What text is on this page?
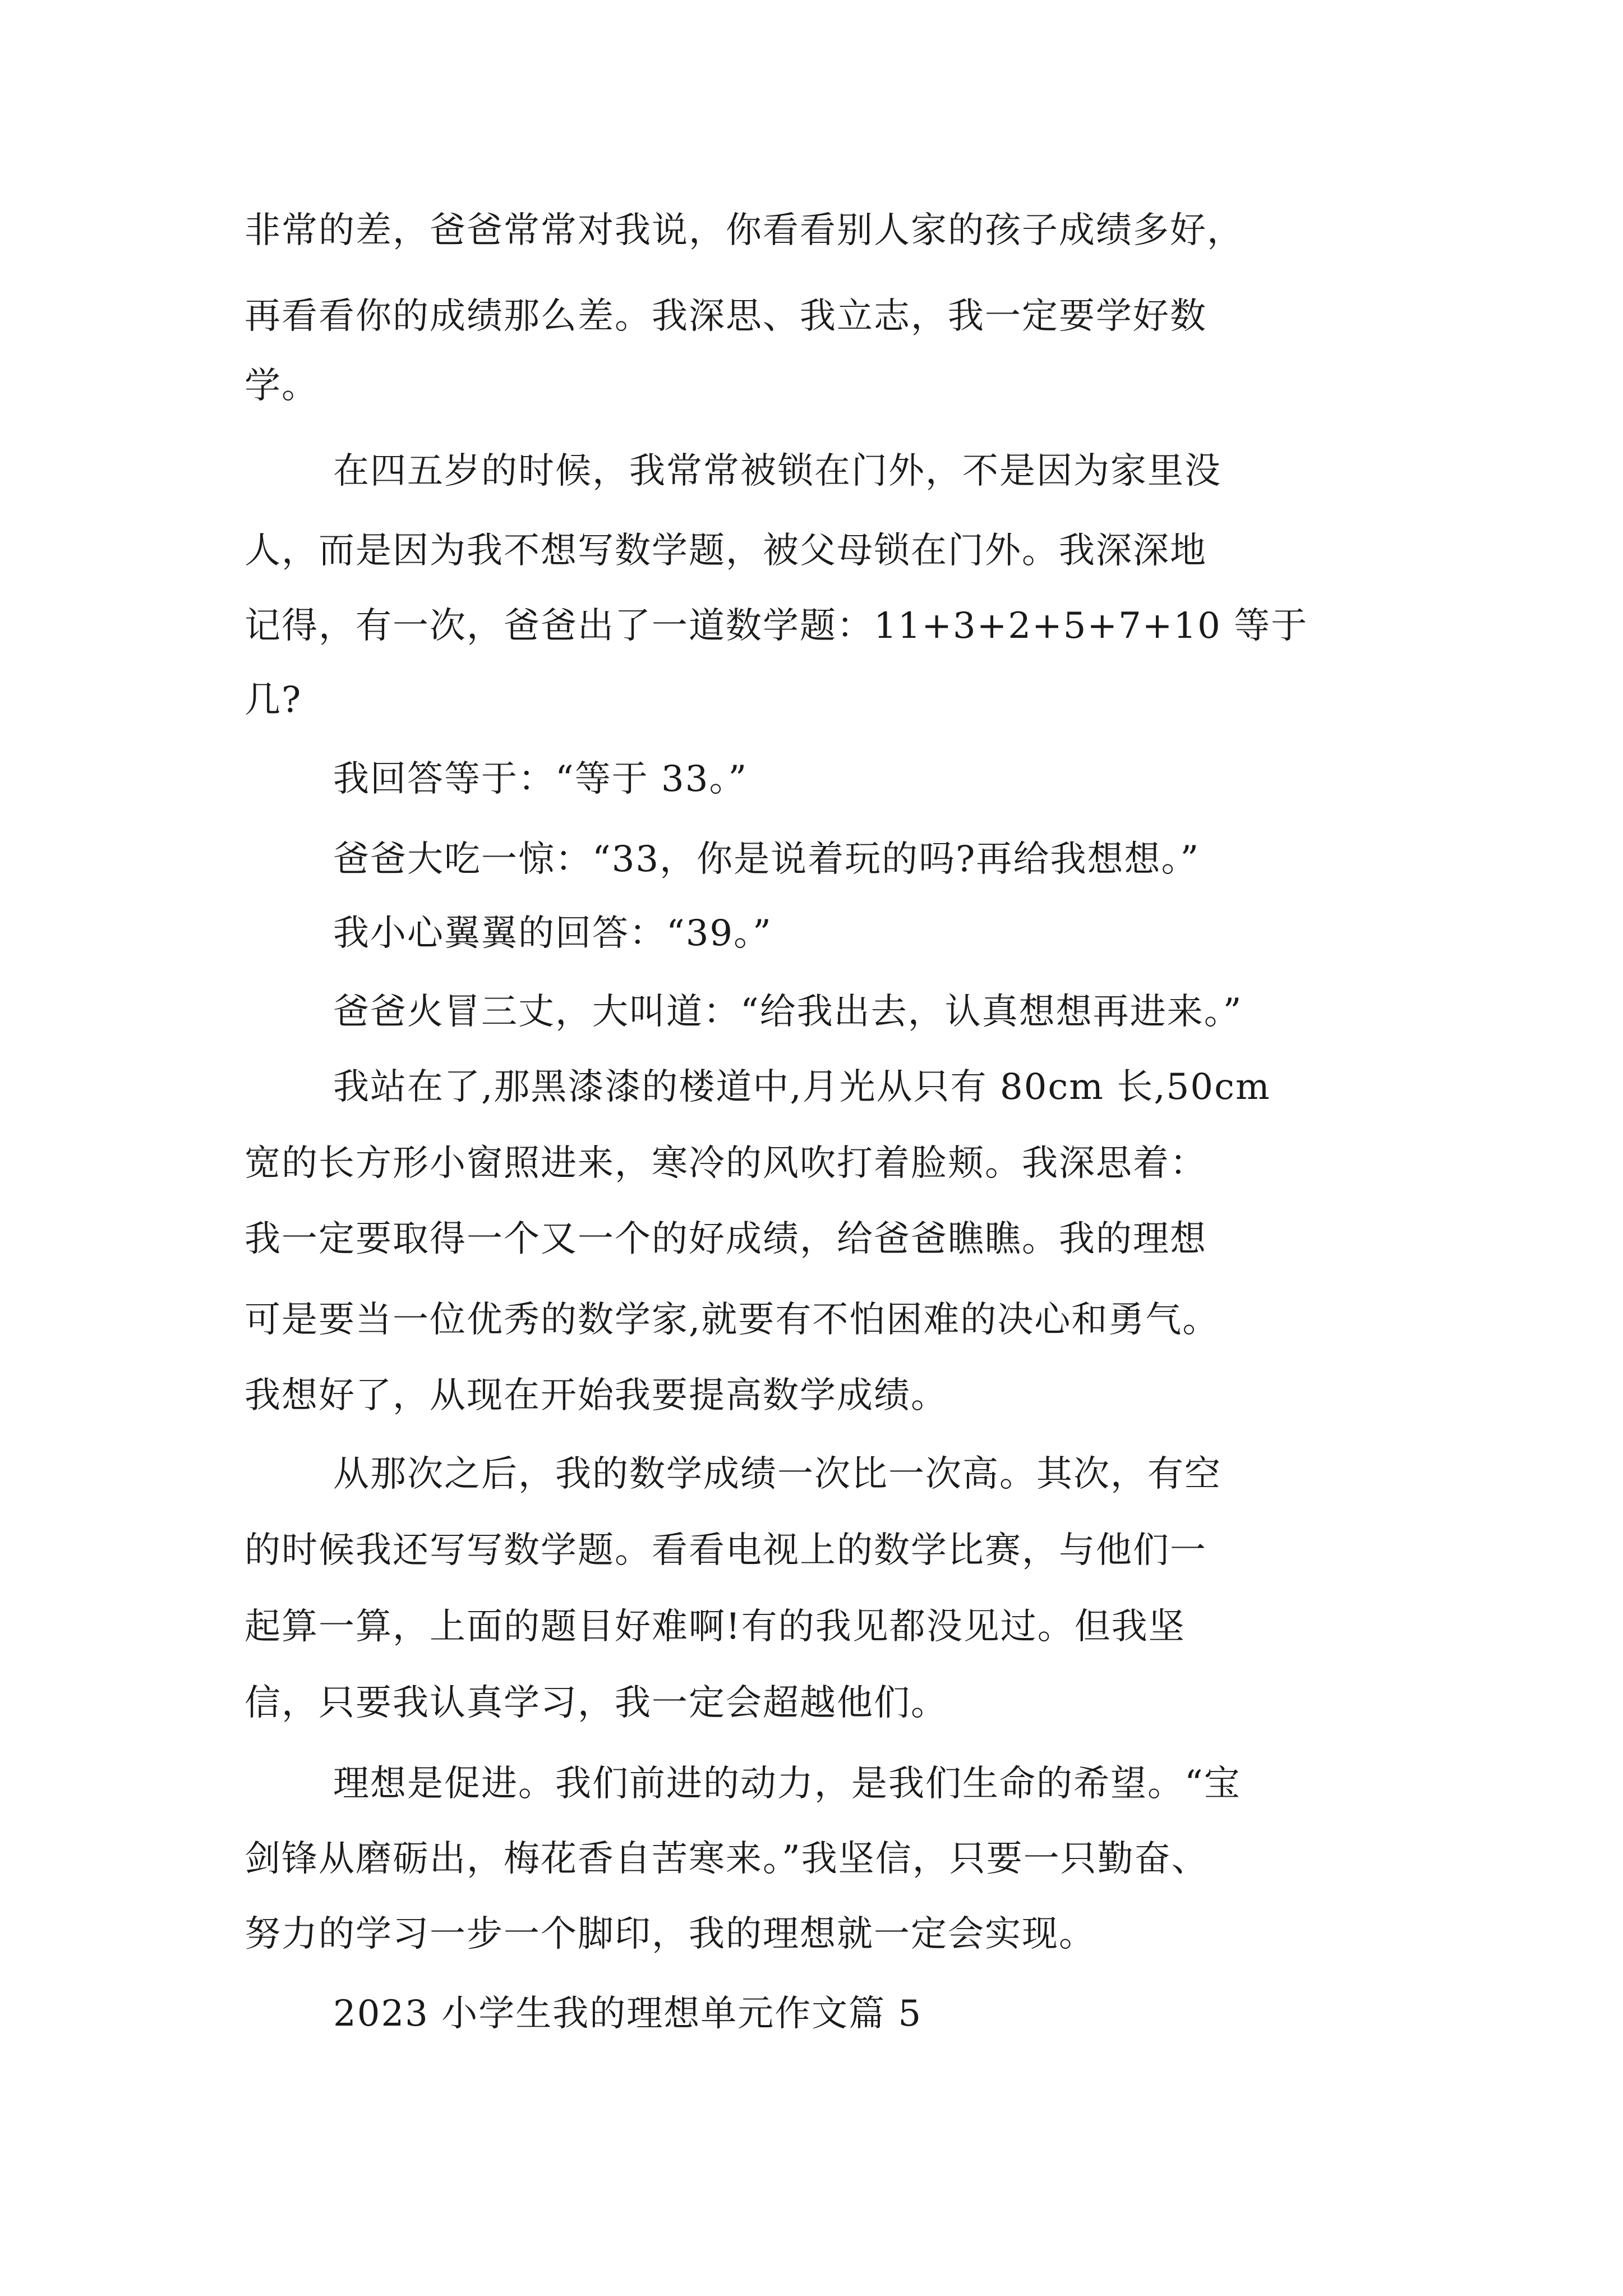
非常的差，爸爸常常对我说，你看看别人家的孩子成绩多好，
再看看你的成绩那么差。我深思、我立志，我一定要学好数
学。
在四五岁的时候，我常常被锁在门外，不是因为家里没
人，而是因为我不想写数学题，被父母锁在门外。我深深地
记得，有一次，爸爸出了一道数学题：11+3+2+5+7+10 等于
几?
我回答等于：“等于 33。”
爸爸大吃一惊：“33，你是说着玩的吗?再给我想想。”
我小心翼翼的回答：“39。”
爸爸火冒三丈，大叫道：“给我出去，认真想想再进来。”
我站在了,那黑漆漆的楼道中,月光从只有 80cm 长,50cm
宽的长方形小窗照进来，寒冷的风吹打着脸颊。我深思着：
我一定要取得一个又一个的好成绩，给爸爸瞧瞧。我的理想
可是要当一位优秀的数学家,就要有不怕困难的决心和勇气。
我想好了，从现在开始我要提高数学成绩。
从那次之后，我的数学成绩一次比一次高。其次，有空
的时候我还写写数学题。看看电视上的数学比赛，与他们一
起算一算，上面的题目好难啊!有的我见都没见过。但我坚
信，只要我认真学习，我一定会超越他们。
理想是促进。我们前进的动力，是我们生命的希望。“宝
剑锋从磨砺出，梅花香自苦寒来。”我坚信，只要一只勤奋、
努力的学习一步一个脚印，我的理想就一定会实现。
2023 小学生我的理想单元作文篇 5
